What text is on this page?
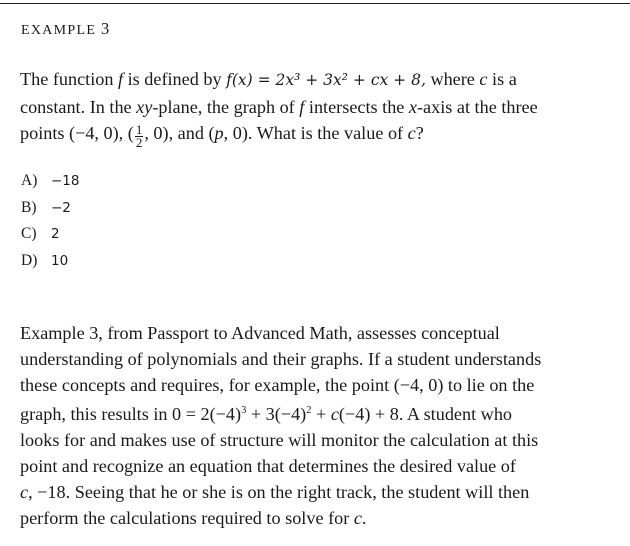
EXAMPLE 3
The function f is defined by f(x) = 2x³ + 3x² + cx + 8, where c is a
constant. In the xy-plane, the graph of f intersects the x-axis at the three
points (−4, 0), ( $\frac{1}{2}$ , 0), and (p, 0). What is the value of c?
A) −18
B) −2
C) 2
D) 10
Example 3, from Passport to Advanced Math, assesses conceptual
understanding of polynomials and their graphs. If a student understands
these concepts and requires, for example, the point (−4, 0) to lie on the
graph, this results in $0 = 2(-4)^3 + 3(-4)^2 + c(-4) + 8$. A student who
looks for and makes use of structure will monitor the calculation at this
point and recognize an equation that determines the desired value of
c, −18. Seeing that he or she is on the right track, the student will then
perform the calculations required to solve for c.
